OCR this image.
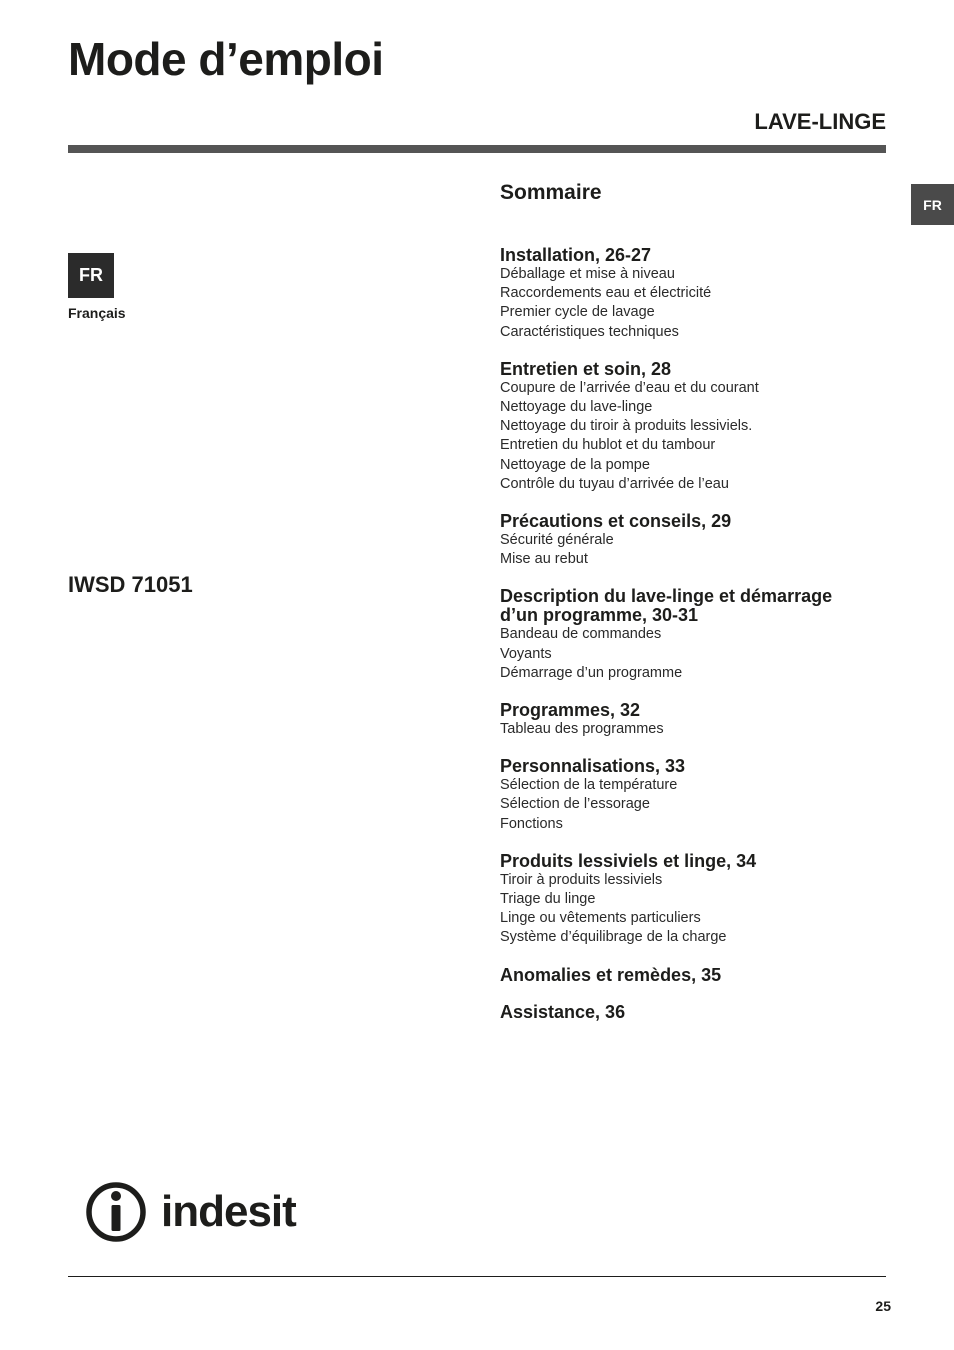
Mode d’emploi
LAVE-LINGE
FR
FR
Français
IWSD 71051
Sommaire
Installation, 26-27
Déballage et mise à niveau
Raccordements eau et électricité
Premier cycle de lavage
Caractéristiques techniques
Entretien et soin, 28
Coupure de l’arrivée d’eau et du courant
Nettoyage du lave-linge
Nettoyage du tiroir à produits lessiviels.
Entretien du hublot et du tambour
Nettoyage de la pompe
Contrôle du tuyau d’arrivée de l’eau
Précautions et conseils, 29
Sécurité générale
Mise au rebut
Description du lave-linge et démarrage
d’un programme, 30-31
Bandeau de commandes
Voyants
Démarrage d’un programme
Programmes, 32
Tableau des programmes
Personnalisations, 33
Sélection de la température
Sélection de l’essorage
Fonctions
Produits lessiviels et linge, 34
Tiroir à produits lessiviels
Triage du linge
Linge ou vêtements particuliers
Système d’équilibrage de la charge
Anomalies et remèdes, 35
Assistance, 36
indesit
25
